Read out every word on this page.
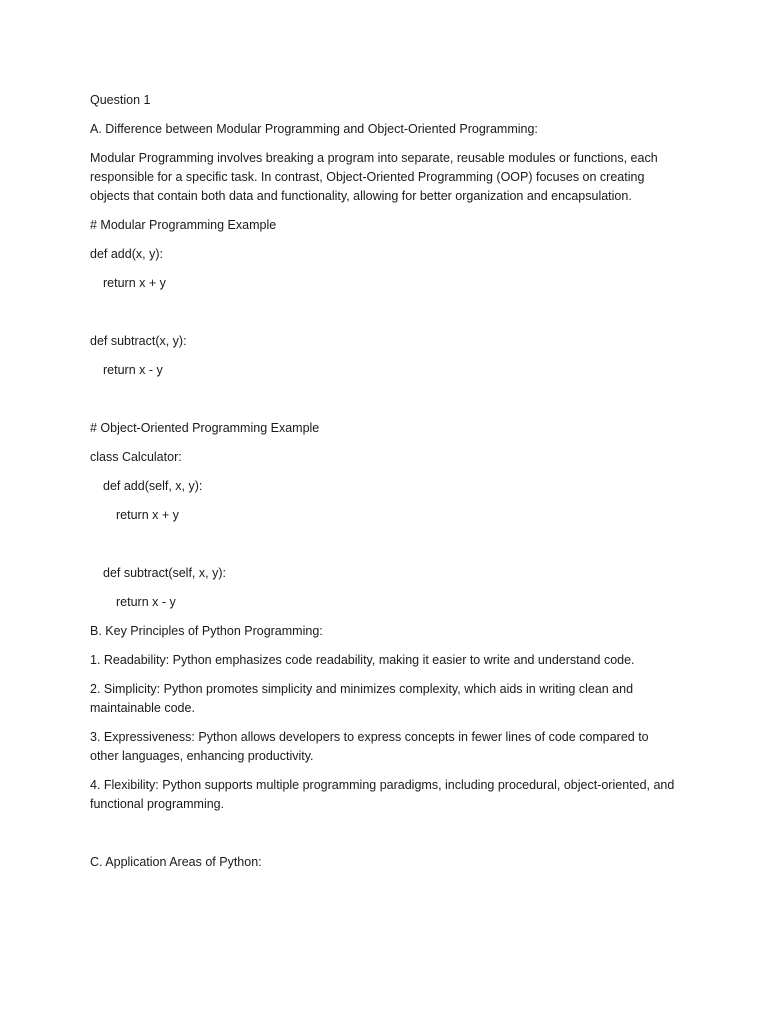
Question 1

A. Difference between Modular Programming and Object-Oriented Programming:

Modular Programming involves breaking a program into separate, reusable modules or functions, each responsible for a specific task. In contrast, Object-Oriented Programming (OOP) focuses on creating objects that contain both data and functionality, allowing for better organization and encapsulation.

# Modular Programming Example

def add(x, y):
return x + y
def subtract(x, y):
return x - y

# Object-Oriented Programming Example

class Calculator:
def add(self, x, y):
return x + y
def subtract(self, x, y):
return x - y

B. Key Principles of Python Programming:

1. Readability: Python emphasizes code readability, making it easier to write and understand code.

2. Simplicity: Python promotes simplicity and minimizes complexity, which aids in writing clean and maintainable code.

3. Expressiveness: Python allows developers to express concepts in fewer lines of code compared to other languages, enhancing productivity.

4. Flexibility: Python supports multiple programming paradigms, including procedural, object-oriented, and functional programming.

C. Application Areas of Python:
